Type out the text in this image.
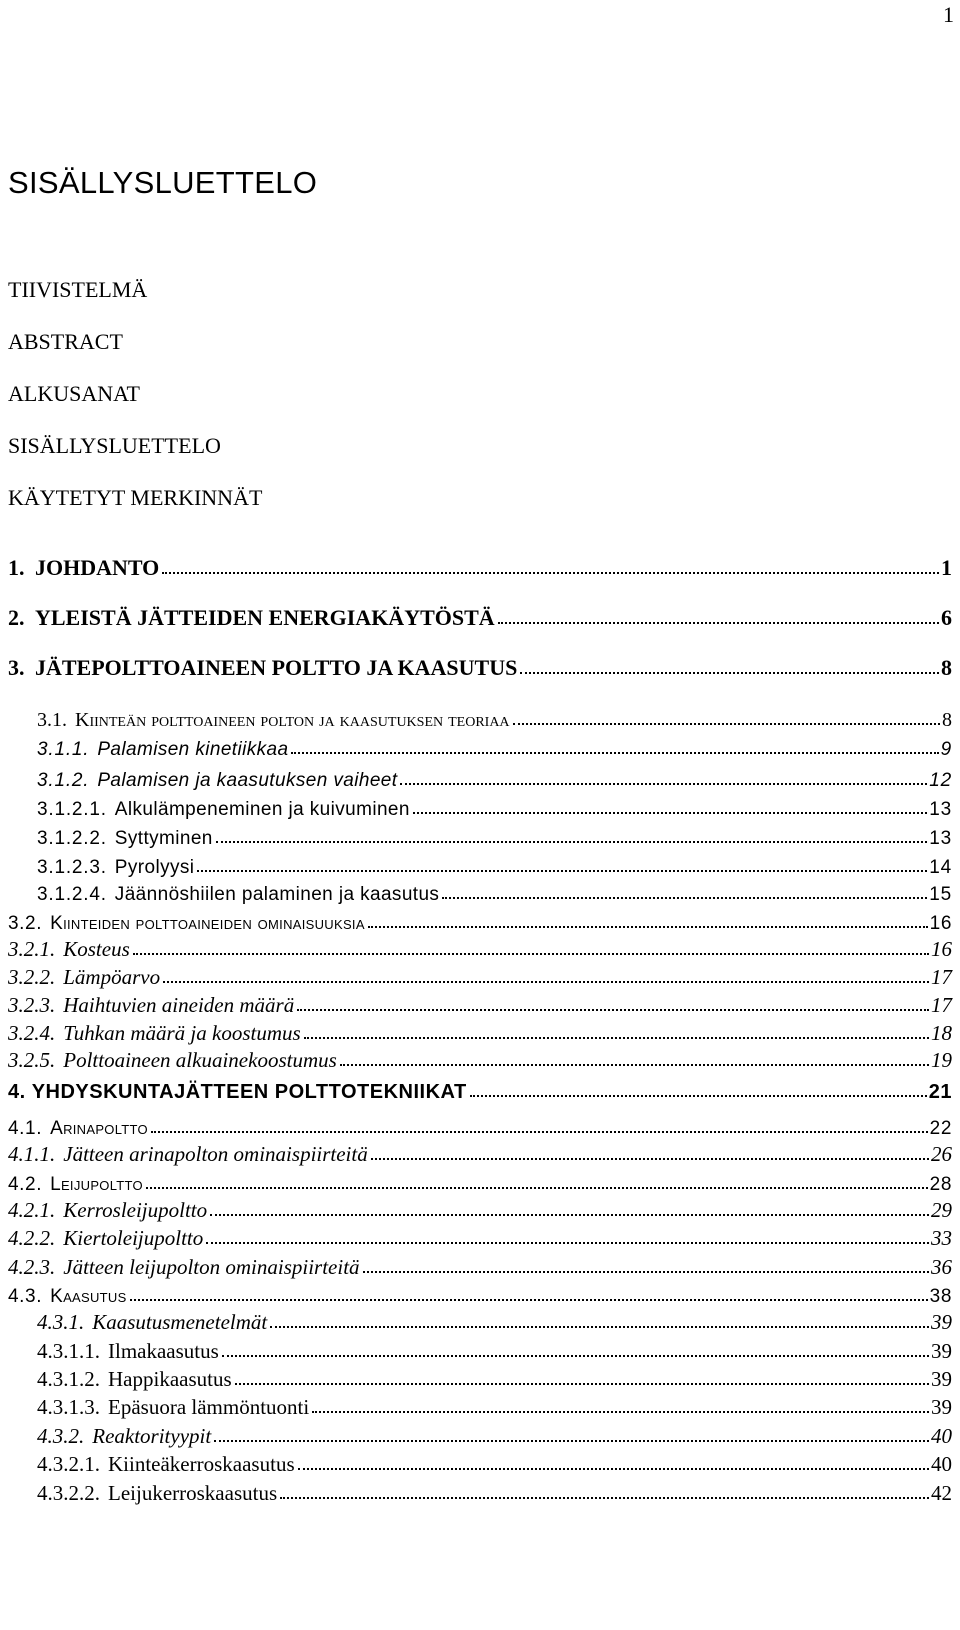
1
SISÄLLYSLUETTELO
TIIVISTELMÄ
ABSTRACT
ALKUSANAT
SISÄLLYSLUETTELO
KÄYTETYT MERKINNÄT
1. JOHDANTO	1
2. YLEISTÄ JÄTTEIDEN ENERGIAKÄYTÖSTÄ	6
3. JÄTEPOLTTOAINEEN POLTTO JA KAASUTUS	8
3.1. Kiinteän polttoaineen polton ja kaasutuksen teoriaa	8
3.1.1. Palamisen kinetiikkaa	9
3.1.2. Palamisen ja kaasutuksen vaiheet	12
3.1.2.1. Alkulämpeneminen ja kuivuminen	13
3.1.2.2. Syttyminen	13
3.1.2.3. Pyrolyysi	14
3.1.2.4. Jäännöshiilen palaminen ja kaasutus	15
3.2. Kiinteiden polttoaineiden ominaisuuksia	16
3.2.1. Kosteus	16
3.2.2. Lämpöarvo	17
3.2.3. Haihtuvien aineiden määrä	17
3.2.4. Tuhkan määrä ja koostumus	18
3.2.5. Polttoaineen alkuainekoostumus	19
4. YHDYSKUNTAJÄTTEEN POLTTOTEKNIIKAT	21
4.1. Arinapoltto	22
4.1.1. Jätteen arinapolton ominaispiirteitä	26
4.2. Leijupoltto	28
4.2.1. Kerrosleijupoltto	29
4.2.2. Kiertoleijupoltto	33
4.2.3. Jätteen leijupolton ominaispiirteitä	36
4.3. Kaasutus	38
4.3.1. Kaasutusmenetelmät	39
4.3.1.1. Ilmakaasutus	39
4.3.1.2. Happikaasutus	39
4.3.1.3. Epäsuora lämmöntuonti	39
4.3.2. Reaktorityypit	40
4.3.2.1. Kiinteäkerroskaasutus	40
4.3.2.2. Leijukerroskaasutus	42
